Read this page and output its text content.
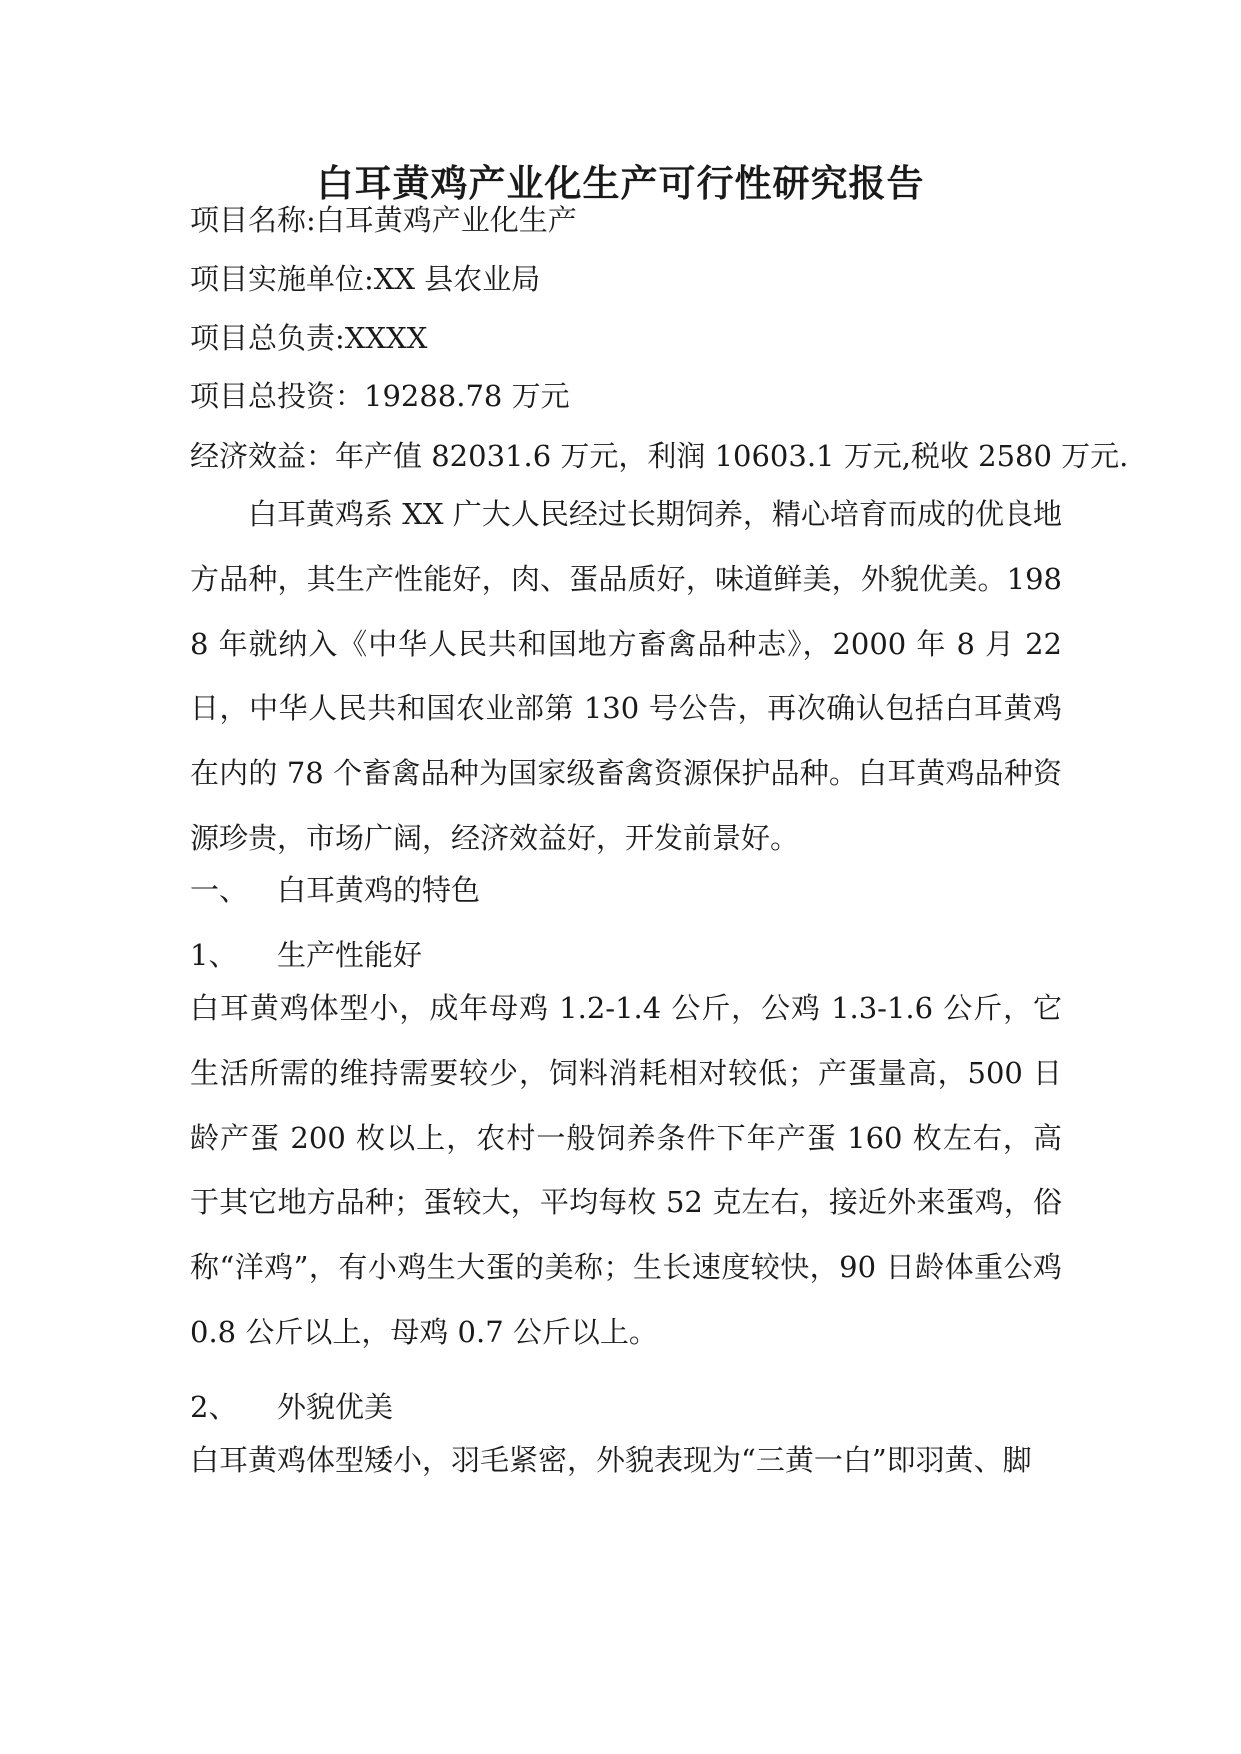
白耳黄鸡产业化生产可行性研究报告
项目名称:白耳黄鸡产业化生产
项目实施单位:XX 县农业局
项目总负责:XXXX
项目总投资：19288.78 万元
经济效益：年产值 82031.6 万元，利润 10603.1 万元,税收 2580 万元.
白耳黄鸡系 XX 广大人民经过长期饲养，精心培育而成的优良地方品种，其生产性能好，肉、蛋品质好，味道鲜美，外貌优美。1988 年就纳入《中华人民共和国地方畜禽品种志》，2000 年 8 月 22 日，中华人民共和国农业部第 130 号公告，再次确认包括白耳黄鸡在内的 78 个畜禽品种为国家级畜禽资源保护品种。白耳黄鸡品种资源珍贵，市场广阔，经济效益好，开发前景好。
一、 白耳黄鸡的特色
1、 生产性能好
白耳黄鸡体型小，成年母鸡 1.2-1.4 公斤，公鸡 1.3-1.6 公斤，它生活所需的维持需要较少，饲料消耗相对较低；产蛋量高，500 日龄产蛋 200 枚以上，农村一般饲养条件下年产蛋 160 枚左右，高于其它地方品种；蛋较大，平均每枚 52 克左右，接近外来蛋鸡，俗称“洋鸡”，有小鸡生大蛋的美称；生长速度较快，90 日龄体重公鸡 0.8 公斤以上，母鸡 0.7 公斤以上。
2、 外貌优美
白耳黄鸡体型矮小，羽毛紧密，外貌表现为“三黄一白”即羽黄、脚
